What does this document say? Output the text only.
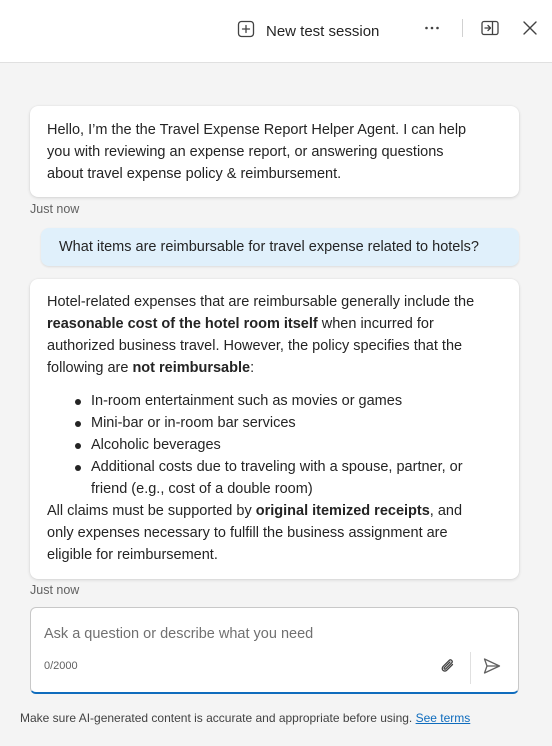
New test session
Hello, I’m the the Travel Expense Report Helper Agent. I can help
you with reviewing an expense report, or answering questions
about travel expense policy & reimbursement.
Just now
What items are reimbursable for travel expense related to hotels?
Hotel-related expenses that are reimbursable generally include the
reasonable cost of the hotel room itself when incurred for
authorized business travel. However, the policy specifies that the
following are not reimbursable:
In-room entertainment such as movies or games
Mini-bar or in-room bar services
Alcoholic beverages
Additional costs due to traveling with a spouse, partner, or
friend (e.g., cost of a double room)
All claims must be supported by original itemized receipts, and
only expenses necessary to fulfill the business assignment are
eligible for reimbursement.
Just now
Ask a question or describe what you need
0/2000
Make sure AI-generated content is accurate and appropriate before using. See terms
